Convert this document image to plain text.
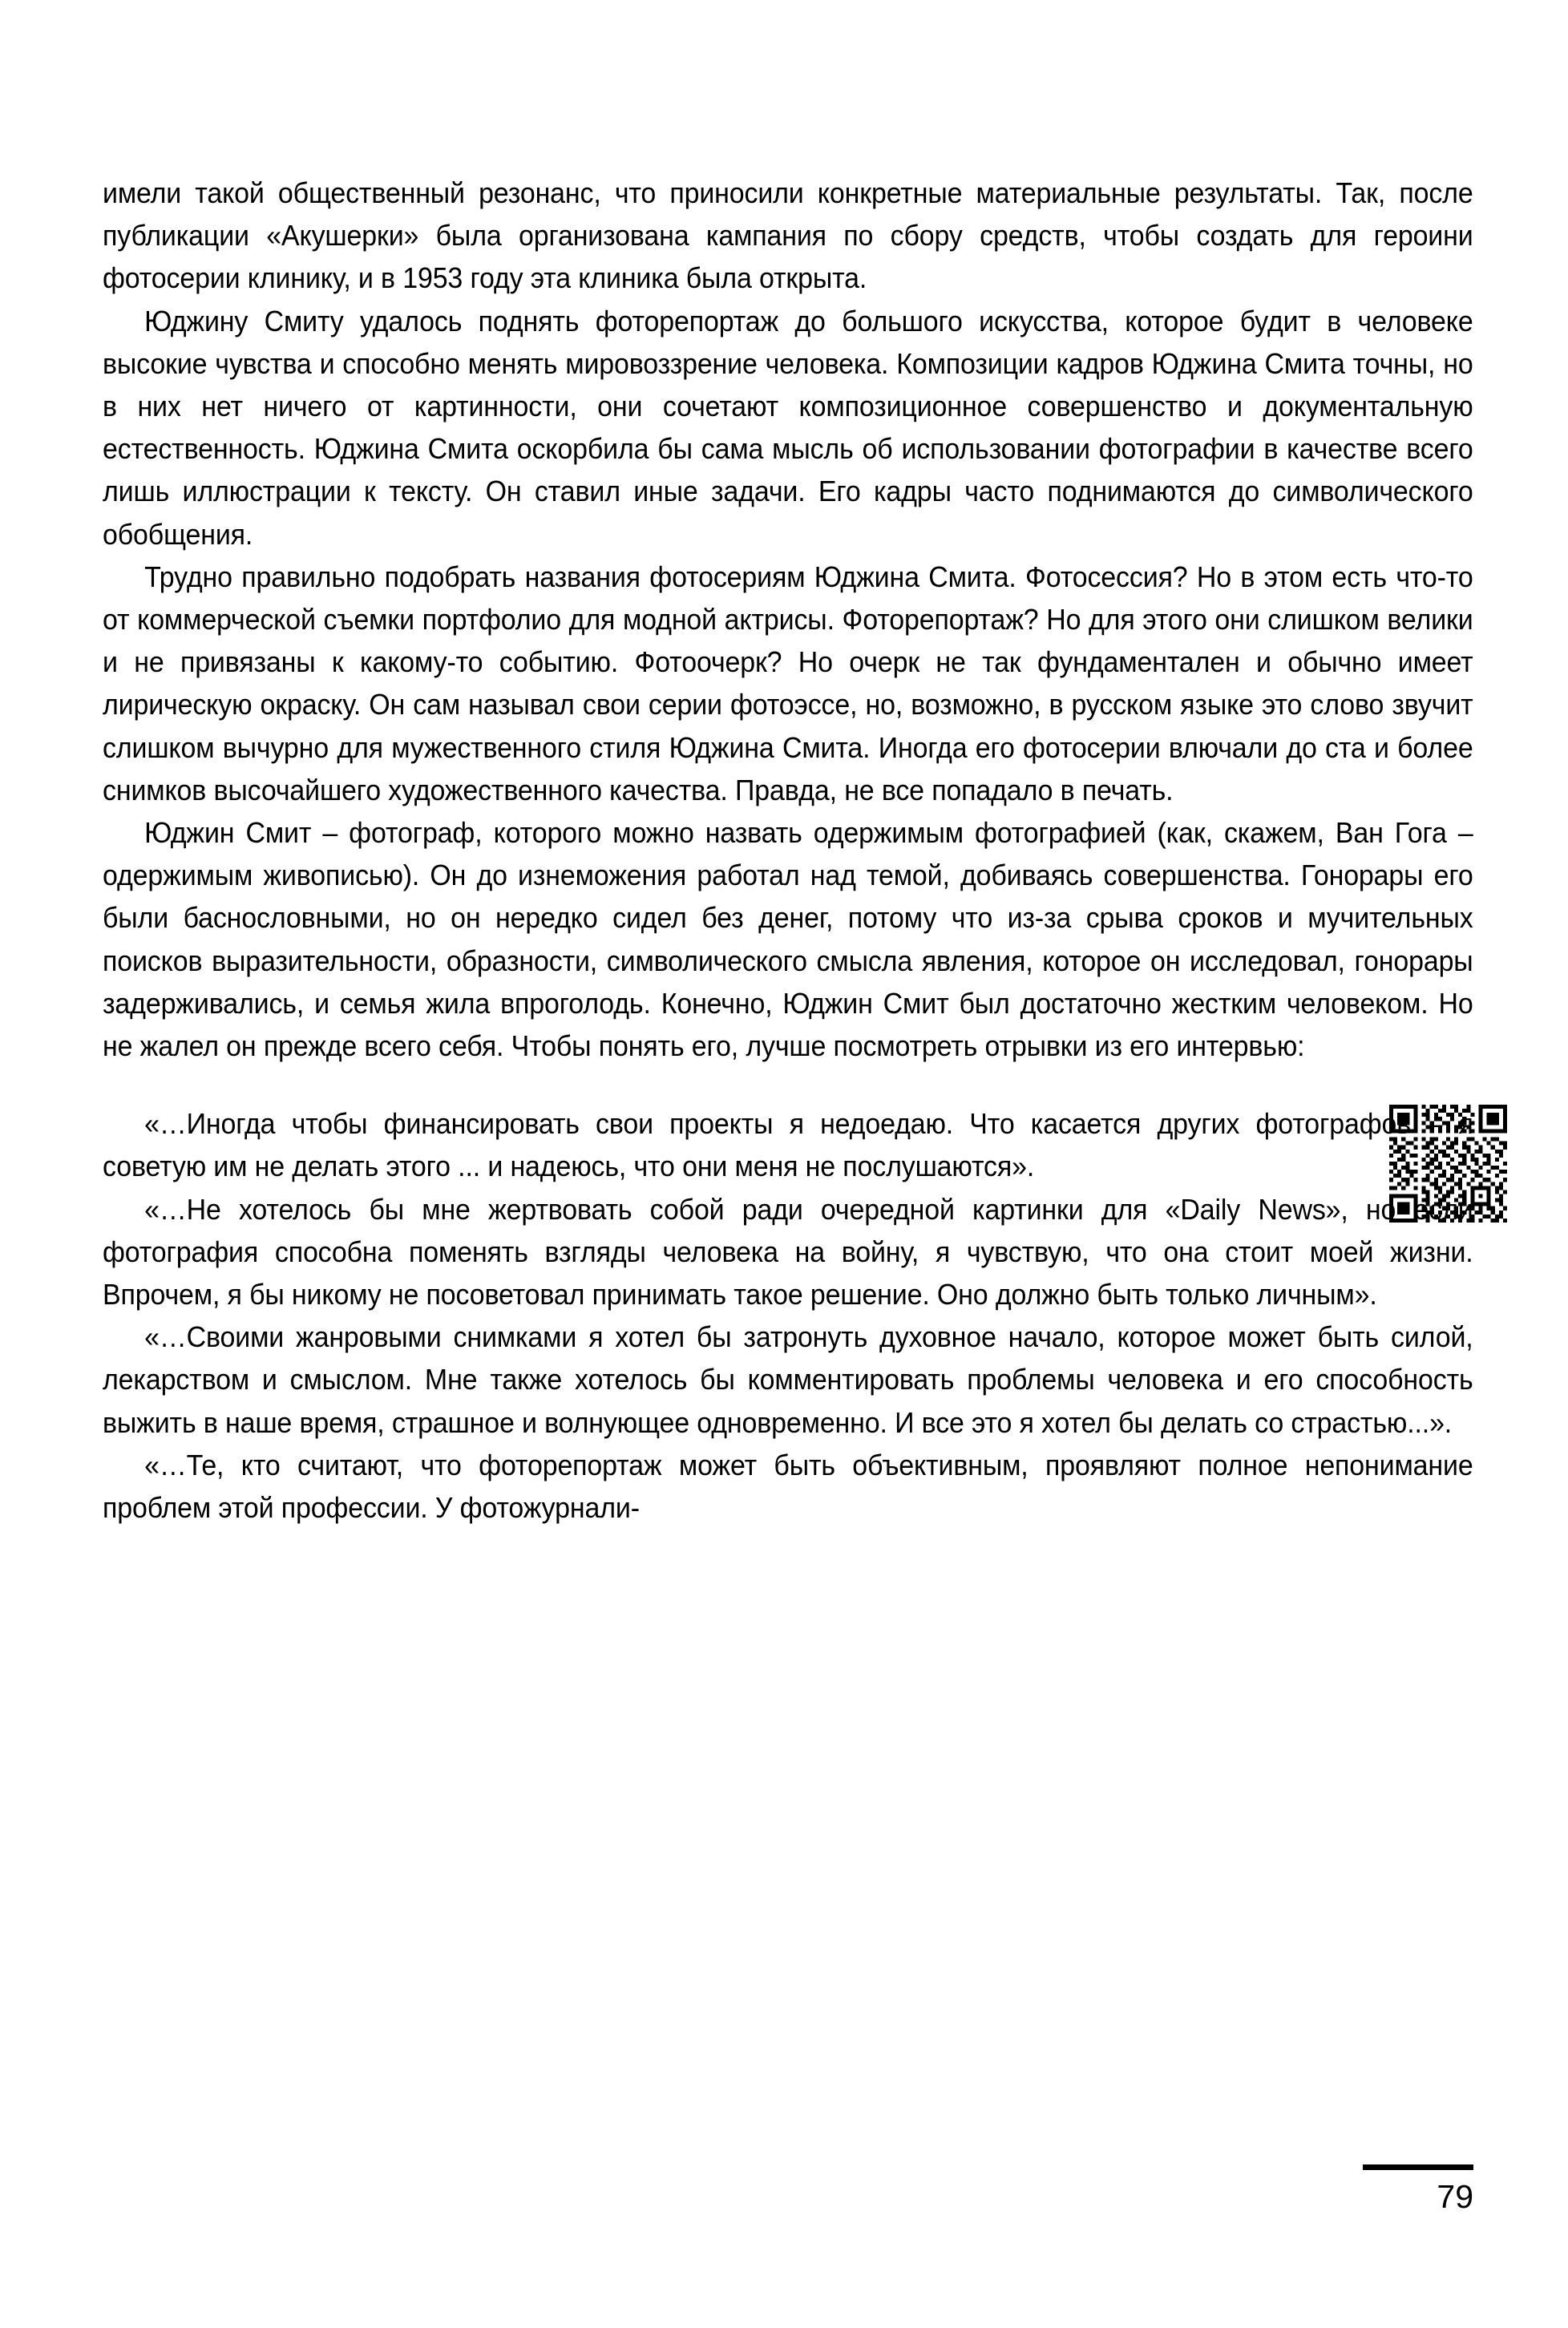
имели такой общественный резонанс, что приносили конкретные материальные результаты. Так, после публикации «Акушерки» была организована кампания по сбору средств, чтобы создать для героини фотосерии клинику, и в 1953 году эта клиника была открыта.

Юджину Смиту удалось поднять фоторепортаж до большого искусства, которое будит в человеке высокие чувства и способно менять мировоззрение человека. Композиции кадров Юджина Смита точны, но в них нет ничего от картинности, они сочетают композиционное совершенство и документальную естественность. Юджина Смита оскорбила бы сама мысль об использовании фотографии в качестве всего лишь иллюстрации к тексту. Он ставил иные задачи. Его кадры часто поднимаются до символического обобщения.

Трудно правильно подобрать названия фотосериям Юджина Смита. Фотосессия? Но в этом есть что-то от коммерческой съемки портфолио для модной актрисы. Фоторепортаж? Но для этого они слишком велики и не привязаны к какому-то событию. Фотоочерк? Но очерк не так фундаментален и обычно имеет лирическую окраску. Он сам называл свои серии фотоэссе, но, возможно, в русском языке это слово звучит слишком вычурно для мужественного стиля Юджина Смита. Иногда его фотосерии влючали до ста и более снимков высочайшего художественного качества. Правда, не все попадало в печать.

Юджин Смит – фотограф, которого можно назвать одержимым фотографией (как, скажем, Ван Гога – одержимым живописью). Он до изнеможения работал над темой, добиваясь совершенства. Гонорары его были баснословными, но он нередко сидел без денег, потому что из-за срыва сроков и мучительных поисков выразительности, образности, символического смысла явления, которое он исследовал, гонорары задерживались, и семья жила впроголодь. Конечно, Юджин Смит был достаточно жестким человеком. Но не жалел он прежде всего себя. Чтобы понять его, лучше посмотреть отрывки из его интервью:

«…Иногда чтобы финансировать свои проекты я недоедаю. Что касается других фотографов – я советую им не делать этого ... и надеюсь, что они меня не послушаются».

«…Не хотелось бы мне жертвовать собой ради очередной картинки для «Daily News», но если фотография способна поменять взгляды человека на войну, я чувствую, что она стоит моей жизни. Впрочем, я бы никому не посоветовал принимать такое решение. Оно должно быть только личным».

«…Своими жанровыми снимками я хотел бы затронуть духовное начало, которое может быть силой, лекарством и смыслом. Мне также хотелось бы комментировать проблемы человека и его способность выжить в наше время, страшное и волнующее одновременно. И все это я хотел бы делать со страстью...».

«…Те, кто считают, что фоторепортаж может быть объективным, проявляют полное непонимание проблем этой профессии. У фотожурнали-

79
